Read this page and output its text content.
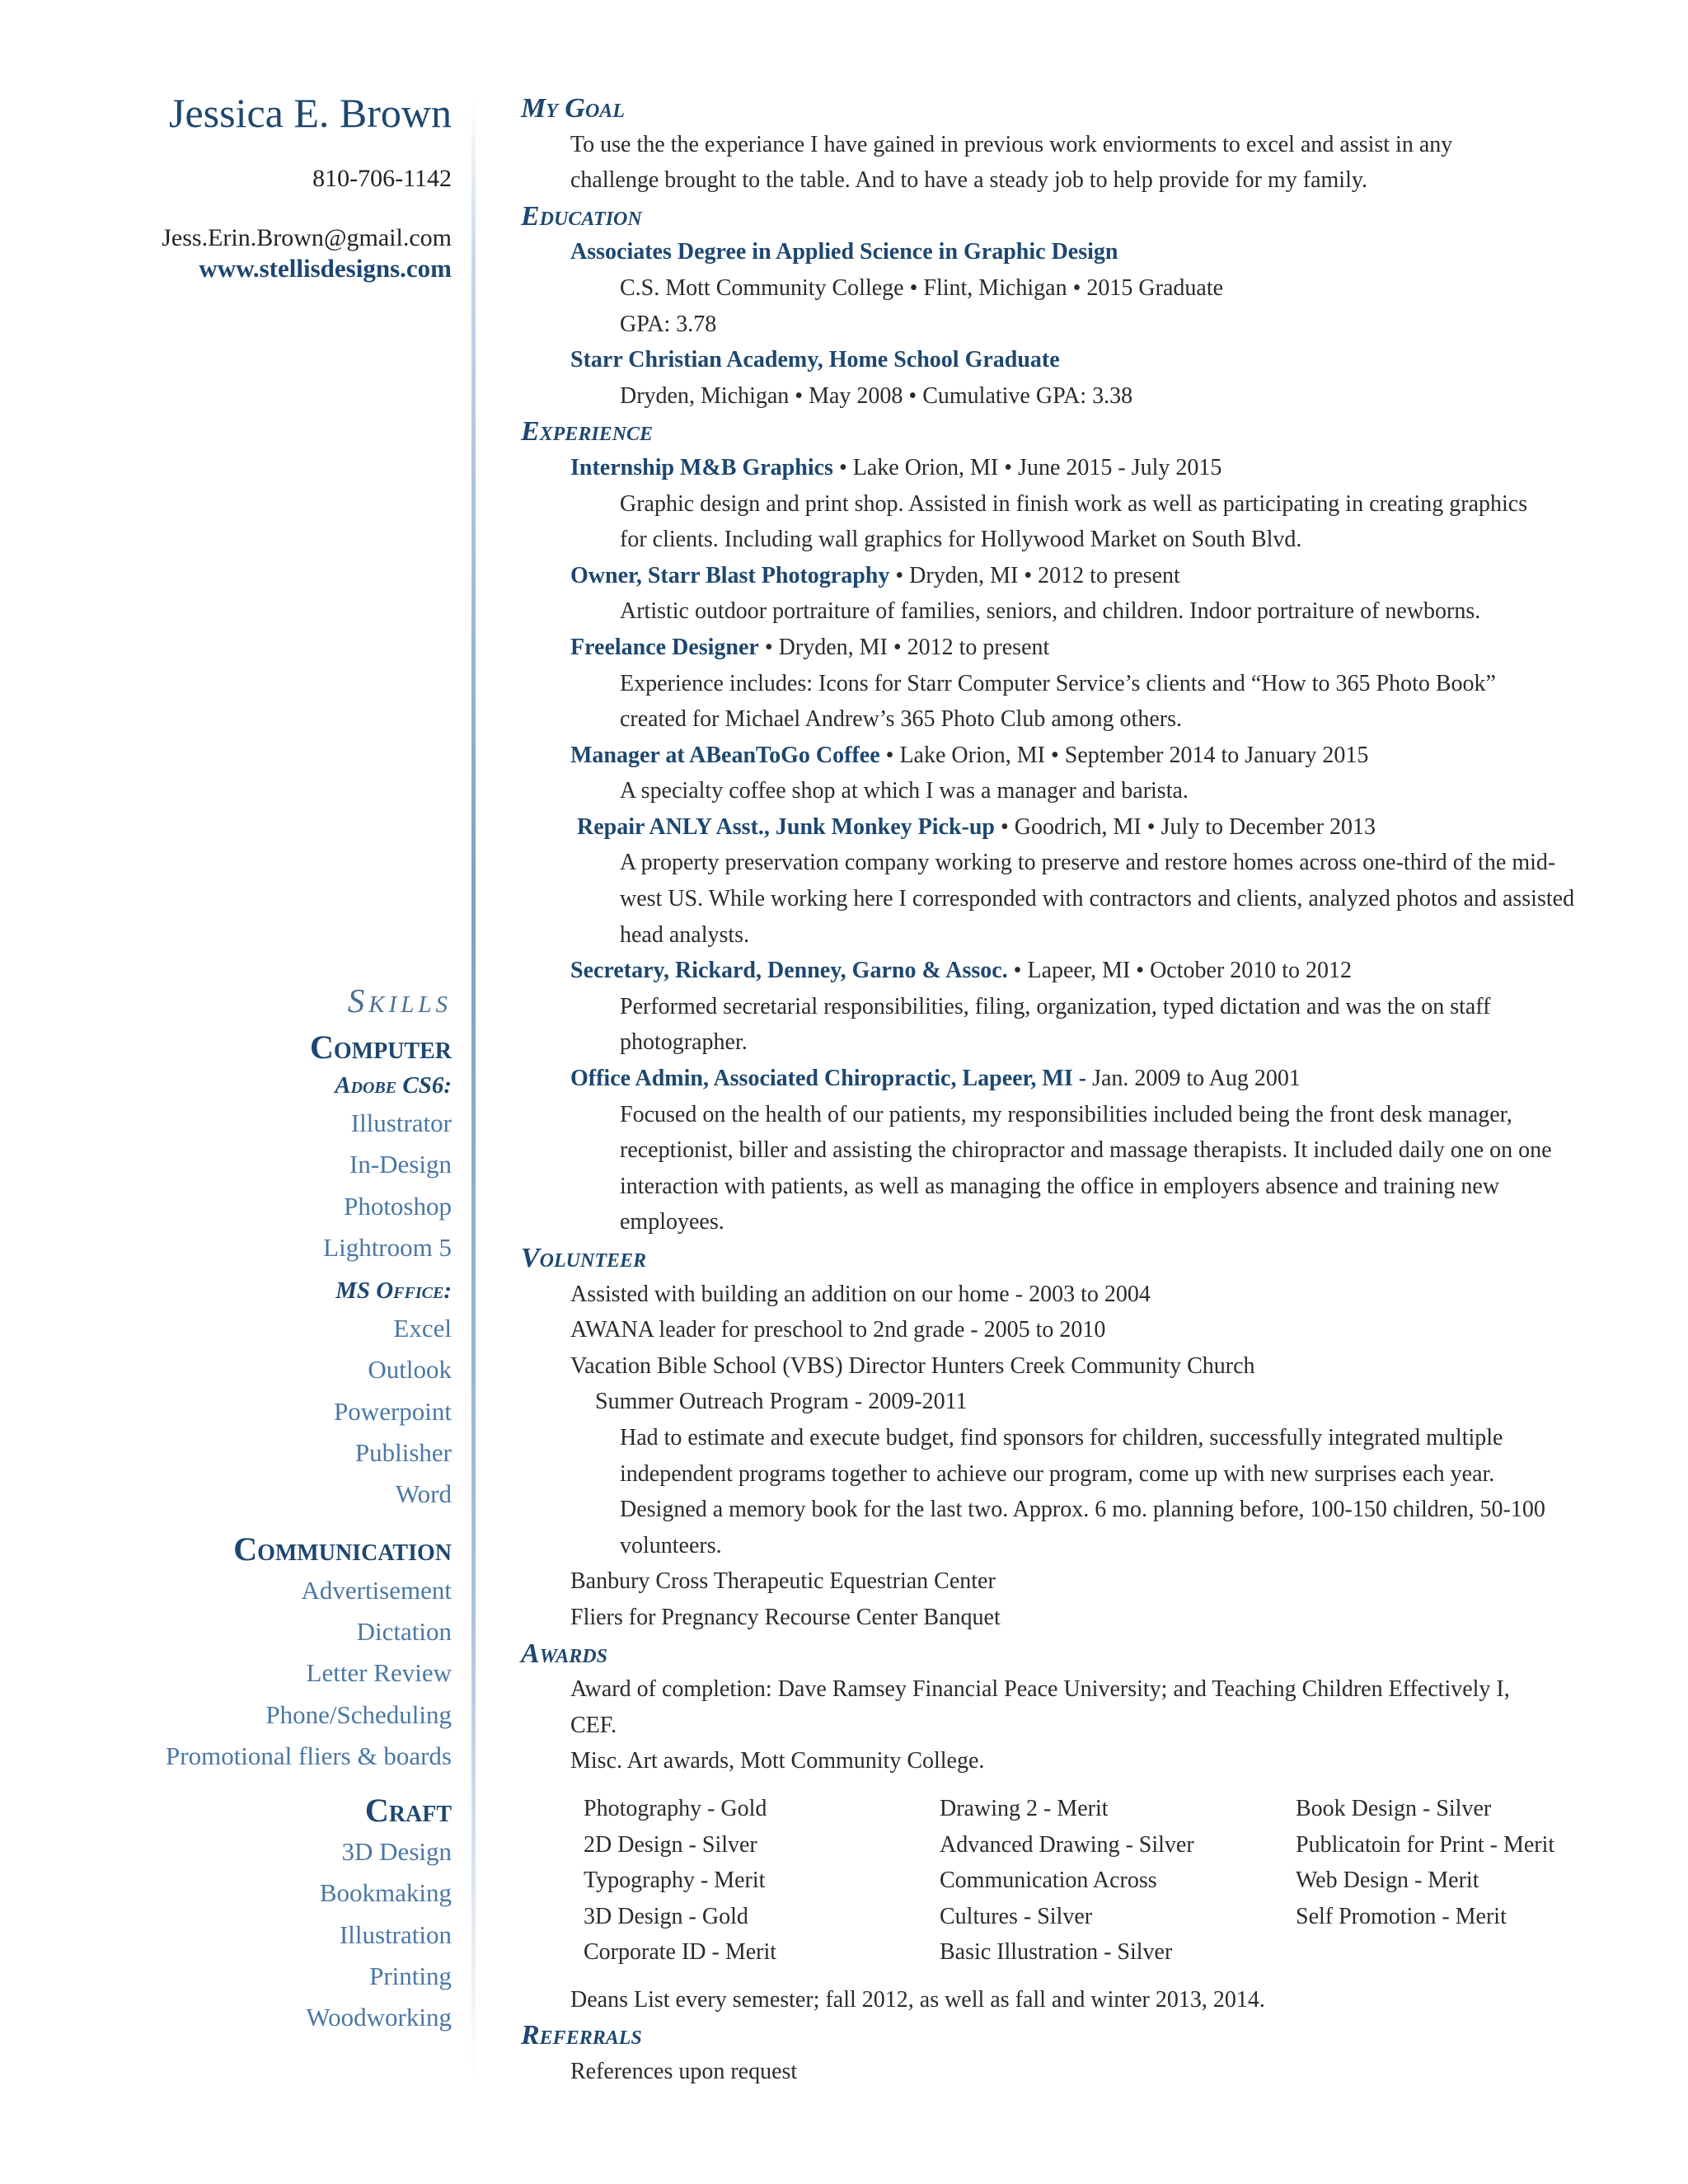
Jessica E. Brown
810-706-1142
Jess.Erin.Brown@gmail.com
www.stellisdesigns.com
Skills
Computer
Adobe CS6:
Illustrator
In-Design
Photoshop
Lightroom 5
MS Office:
Excel
Outlook
Powerpoint
Publisher
Word
Communication
Advertisement
Dictation
Letter Review
Phone/Scheduling
Promotional fliers & boards
Craft
3D Design
Bookmaking
Illustration
Printing
Woodworking
My Goal
To use the the experiance I have gained in previous work enviorments to excel and assist in any challenge brought to the table. And to have a steady job to help provide for my family.
Education
Associates Degree in Applied Science in Graphic Design
C.S. Mott Community College • Flint, Michigan • 2015 Graduate
GPA: 3.78
Starr Christian Academy, Home School Graduate
Dryden, Michigan • May 2008 • Cumulative GPA: 3.38
Experience
Internship M&B Graphics • Lake Orion, MI • June 2015 - July 2015
Graphic design and print shop. Assisted in finish work as well as participating in creating graphics for clients. Including wall graphics for Hollywood Market on South Blvd.
Owner, Starr Blast Photography • Dryden, MI • 2012 to present
Artistic outdoor portraiture of families, seniors, and children. Indoor portraiture of newborns.
Freelance Designer • Dryden, MI • 2012 to present
Experience includes: Icons for Starr Computer Service’s clients and “How to 365 Photo Book” created for Michael Andrew’s 365 Photo Club among others.
Manager at ABeanToGo Coffee • Lake Orion, MI • September 2014 to January 2015
A specialty coffee shop at which I was a manager and barista.
Repair ANLY Asst., Junk Monkey Pick-up • Goodrich, MI • July to December 2013
A property preservation company working to preserve and restore homes across one-third of the mid-west US. While working here I corresponded with contractors and clients, analyzed photos and assisted head analysts.
Secretary, Rickard, Denney, Garno & Assoc. • Lapeer, MI • October 2010 to 2012
Performed secretarial responsibilities, filing, organization, typed dictation and was the on staff photographer.
Office Admin, Associated Chiropractic, Lapeer, MI - Jan. 2009 to Aug 2001
Focused on the health of our patients, my responsibilities included being the front desk manager, receptionist, biller and assisting the chiropractor and massage therapists. It included daily one on one interaction with patients, as well as managing the office in employers absence and training new employees.
Volunteer
Assisted with building an addition on our home - 2003 to 2004
AWANA leader for preschool to 2nd grade - 2005 to 2010
Vacation Bible School (VBS) Director Hunters Creek Community Church
Summer Outreach Program - 2009-2011
Had to estimate and execute budget, find sponsors for children, successfully integrated multiple independent programs together to achieve our program, come up with new surprises each year. Designed a memory book for the last two. Approx. 6 mo. planning before, 100-150 children, 50-100 volunteers.
Banbury Cross Therapeutic Equestrian Center
Fliers for Pregnancy Recourse Center Banquet
Awards
Award of completion: Dave Ramsey Financial Peace University; and Teaching Children Effectively I, CEF.
Misc. Art awards, Mott Community College.
Photography - Gold	Drawing 2 - Merit	Book Design - Silver
2D Design - Silver	Advanced Drawing - Silver	Publicatoin for Print - Merit
Typography - Merit	Communication Across	Web Design - Merit
3D Design - Gold	Cultures - Silver	Self Promotion - Merit
Corporate ID - Merit	Basic Illustration - Silver
Deans List every semester; fall 2012, as well as fall and winter 2013, 2014.
Referrals
References upon request
